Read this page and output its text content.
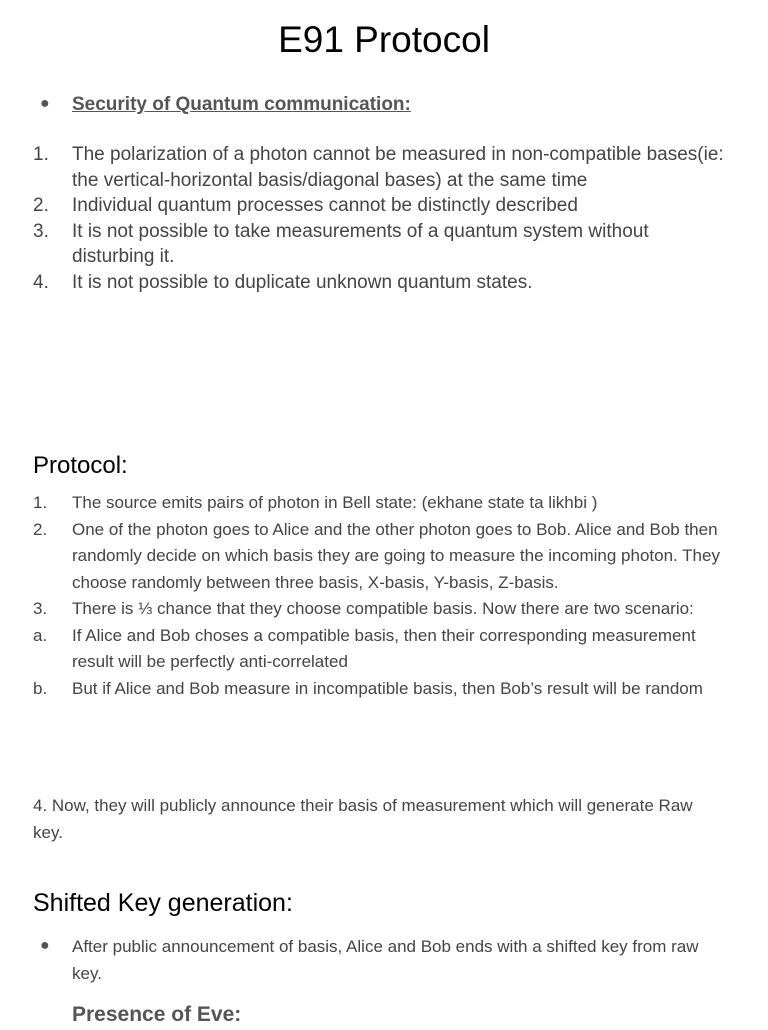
E91 Protocol
● Security of Quantum communication:
1. The polarization of a photon cannot be measured in non-compatible bases(ie: the vertical-horizontal basis/diagonal bases) at the same time
2. Individual quantum processes cannot be distinctly described
3. It is not possible to take measurements of a quantum system without disturbing it.
4. It is not possible to duplicate unknown quantum states.
Protocol:
1. The source emits pairs of photon in Bell state: (ekhane state ta likhbi )
2. One of the photon goes to Alice and the other photon goes to Bob. Alice and Bob then randomly decide on which basis they are going to measure the incoming photon. They choose randomly between three basis, X-basis, Y-basis, Z-basis.
3. There is ⅓ chance that they choose compatible basis. Now there are two scenario:
a. If Alice and Bob choses a compatible basis, then their corresponding measurement result will be perfectly anti-correlated
b. But if Alice and Bob measure in incompatible basis, then Bob’s result will be random
4. Now, they will publicly announce their basis of measurement which will generate Raw key.
Shifted Key generation:
● After public announcement of basis, Alice and Bob ends with a shifted key from raw key.
Presence of Eve:
